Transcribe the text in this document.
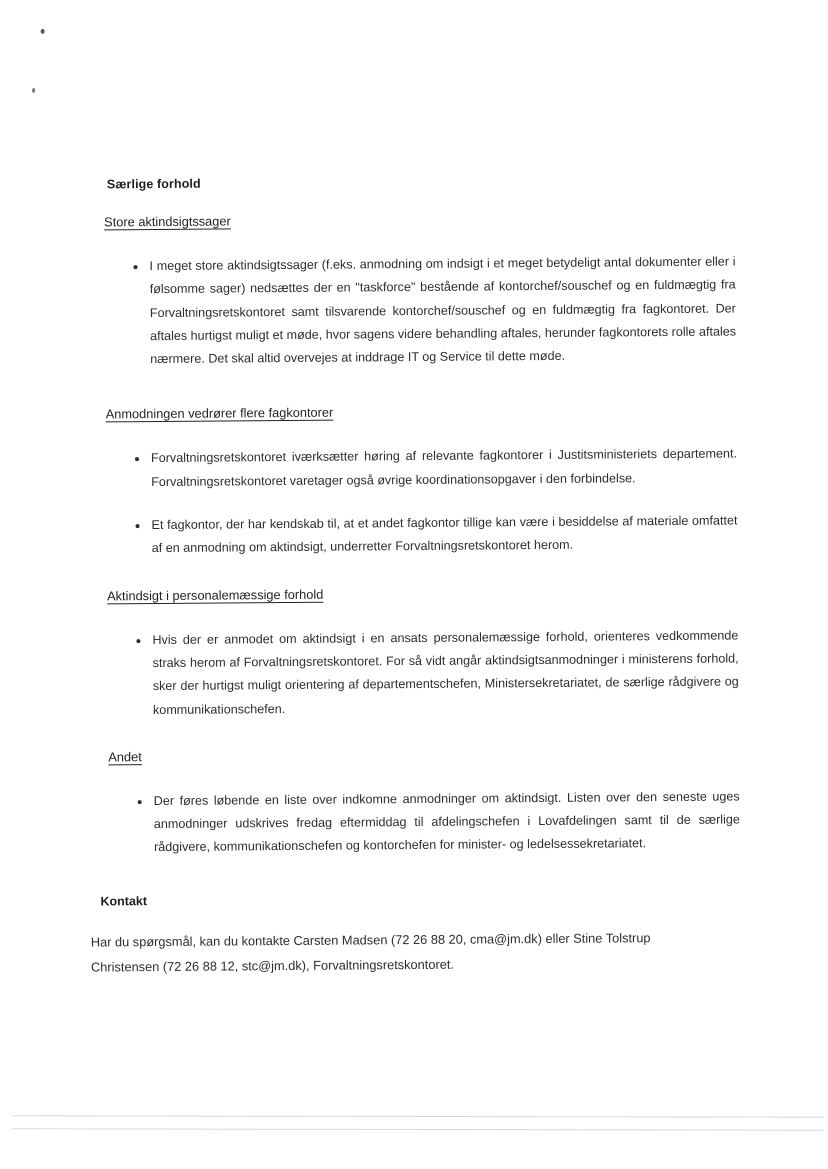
Særlige forhold
Store aktindsigtssager
I meget store aktindsigtssager (f.eks. anmodning om indsigt i et meget betydeligt antal dokumenter eller i følsomme sager) nedsættes der en "taskforce" bestående af kontorchef/souschef og en fuldmægtig fra Forvaltningsretskontoret samt tilsvarende kontorchef/souschef og en fuldmægtig fra fagkontoret. Der aftales hurtigst muligt et møde, hvor sagens videre behandling aftales, herunder fagkontorets rolle aftales nærmere. Det skal altid overvejes at inddrage IT og Service til dette møde.
Anmodningen vedrører flere fagkontorer
Forvaltningsretskontoret iværksætter høring af relevante fagkontorer i Justitsministeriets departement. Forvaltningsretskontoret varetager også øvrige koordinationsopgaver i den forbindelse.
Et fagkontor, der har kendskab til, at et andet fagkontor tillige kan være i besiddelse af materiale omfattet af en anmodning om aktindsigt, underretter Forvaltningsretskontoret herom.
Aktindsigt i personalemæssige forhold
Hvis der er anmodet om aktindsigt i en ansats personalemæssige forhold, orienteres vedkommende straks herom af Forvaltningsretskontoret. For så vidt angår aktindsigtsanmodninger i ministerens forhold, sker der hurtigst muligt orientering af departementschefen, Ministersekretariatet, de særlige rådgivere og kommunikationschefen.
Andet
Der føres løbende en liste over indkomne anmodninger om aktindsigt. Listen over den seneste uges anmodninger udskrives fredag eftermiddag til afdelingschefen i Lovafdelingen samt til de særlige rådgivere, kommunikationschefen og kontorchefen for minister- og ledelsessekretariatet.
Kontakt

Har du spørgsmål, kan du kontakte Carsten Madsen (72 26 88 20, cma@jm.dk) eller Stine Tolstrup Christensen (72 26 88 12, stc@jm.dk), Forvaltningsretskontoret.
